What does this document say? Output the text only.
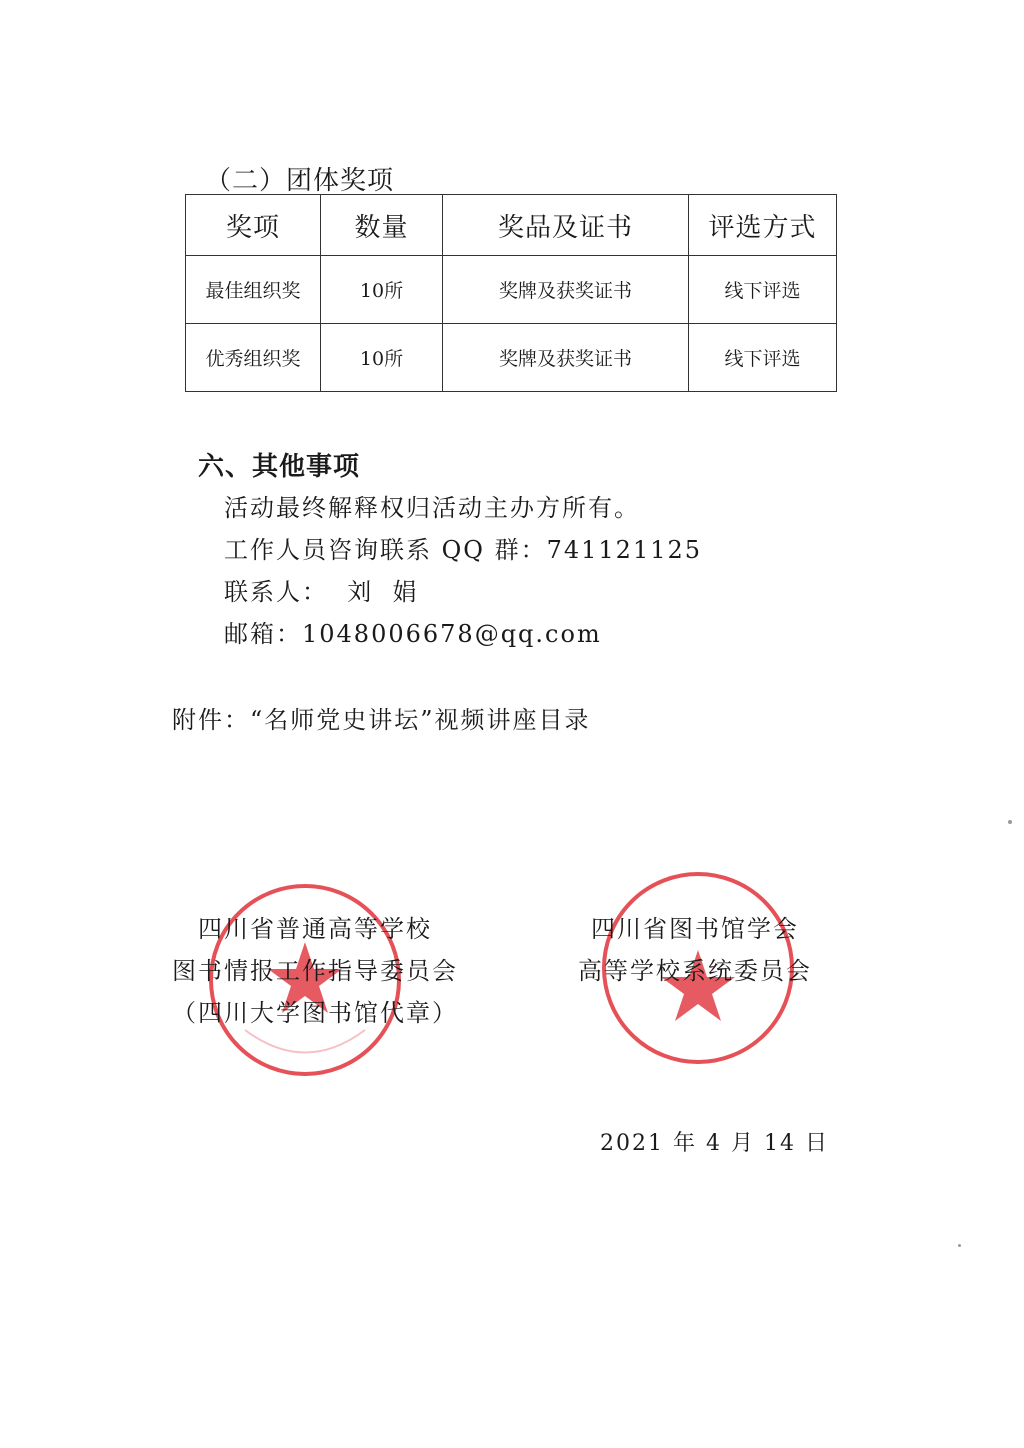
（二）团体奖项
奖项	数量	奖品及证书	评选方式
最佳组织奖	10所	奖牌及获奖证书	线下评选
优秀组织奖	10所	奖牌及获奖证书	线下评选
六、其他事项
活动最终解释权归活动主办方所有。
工作人员咨询联系 QQ 群：741121125
联系人：  刘  娟
邮箱：1048006678@qq.com
附件：“名师党史讲坛”视频讲座目录
四川省普通高等学校
图书情报工作指导委员会
（四川大学图书馆代章）
四川省图书馆学会
高等学校系统委员会
2021 年 4 月 14 日
